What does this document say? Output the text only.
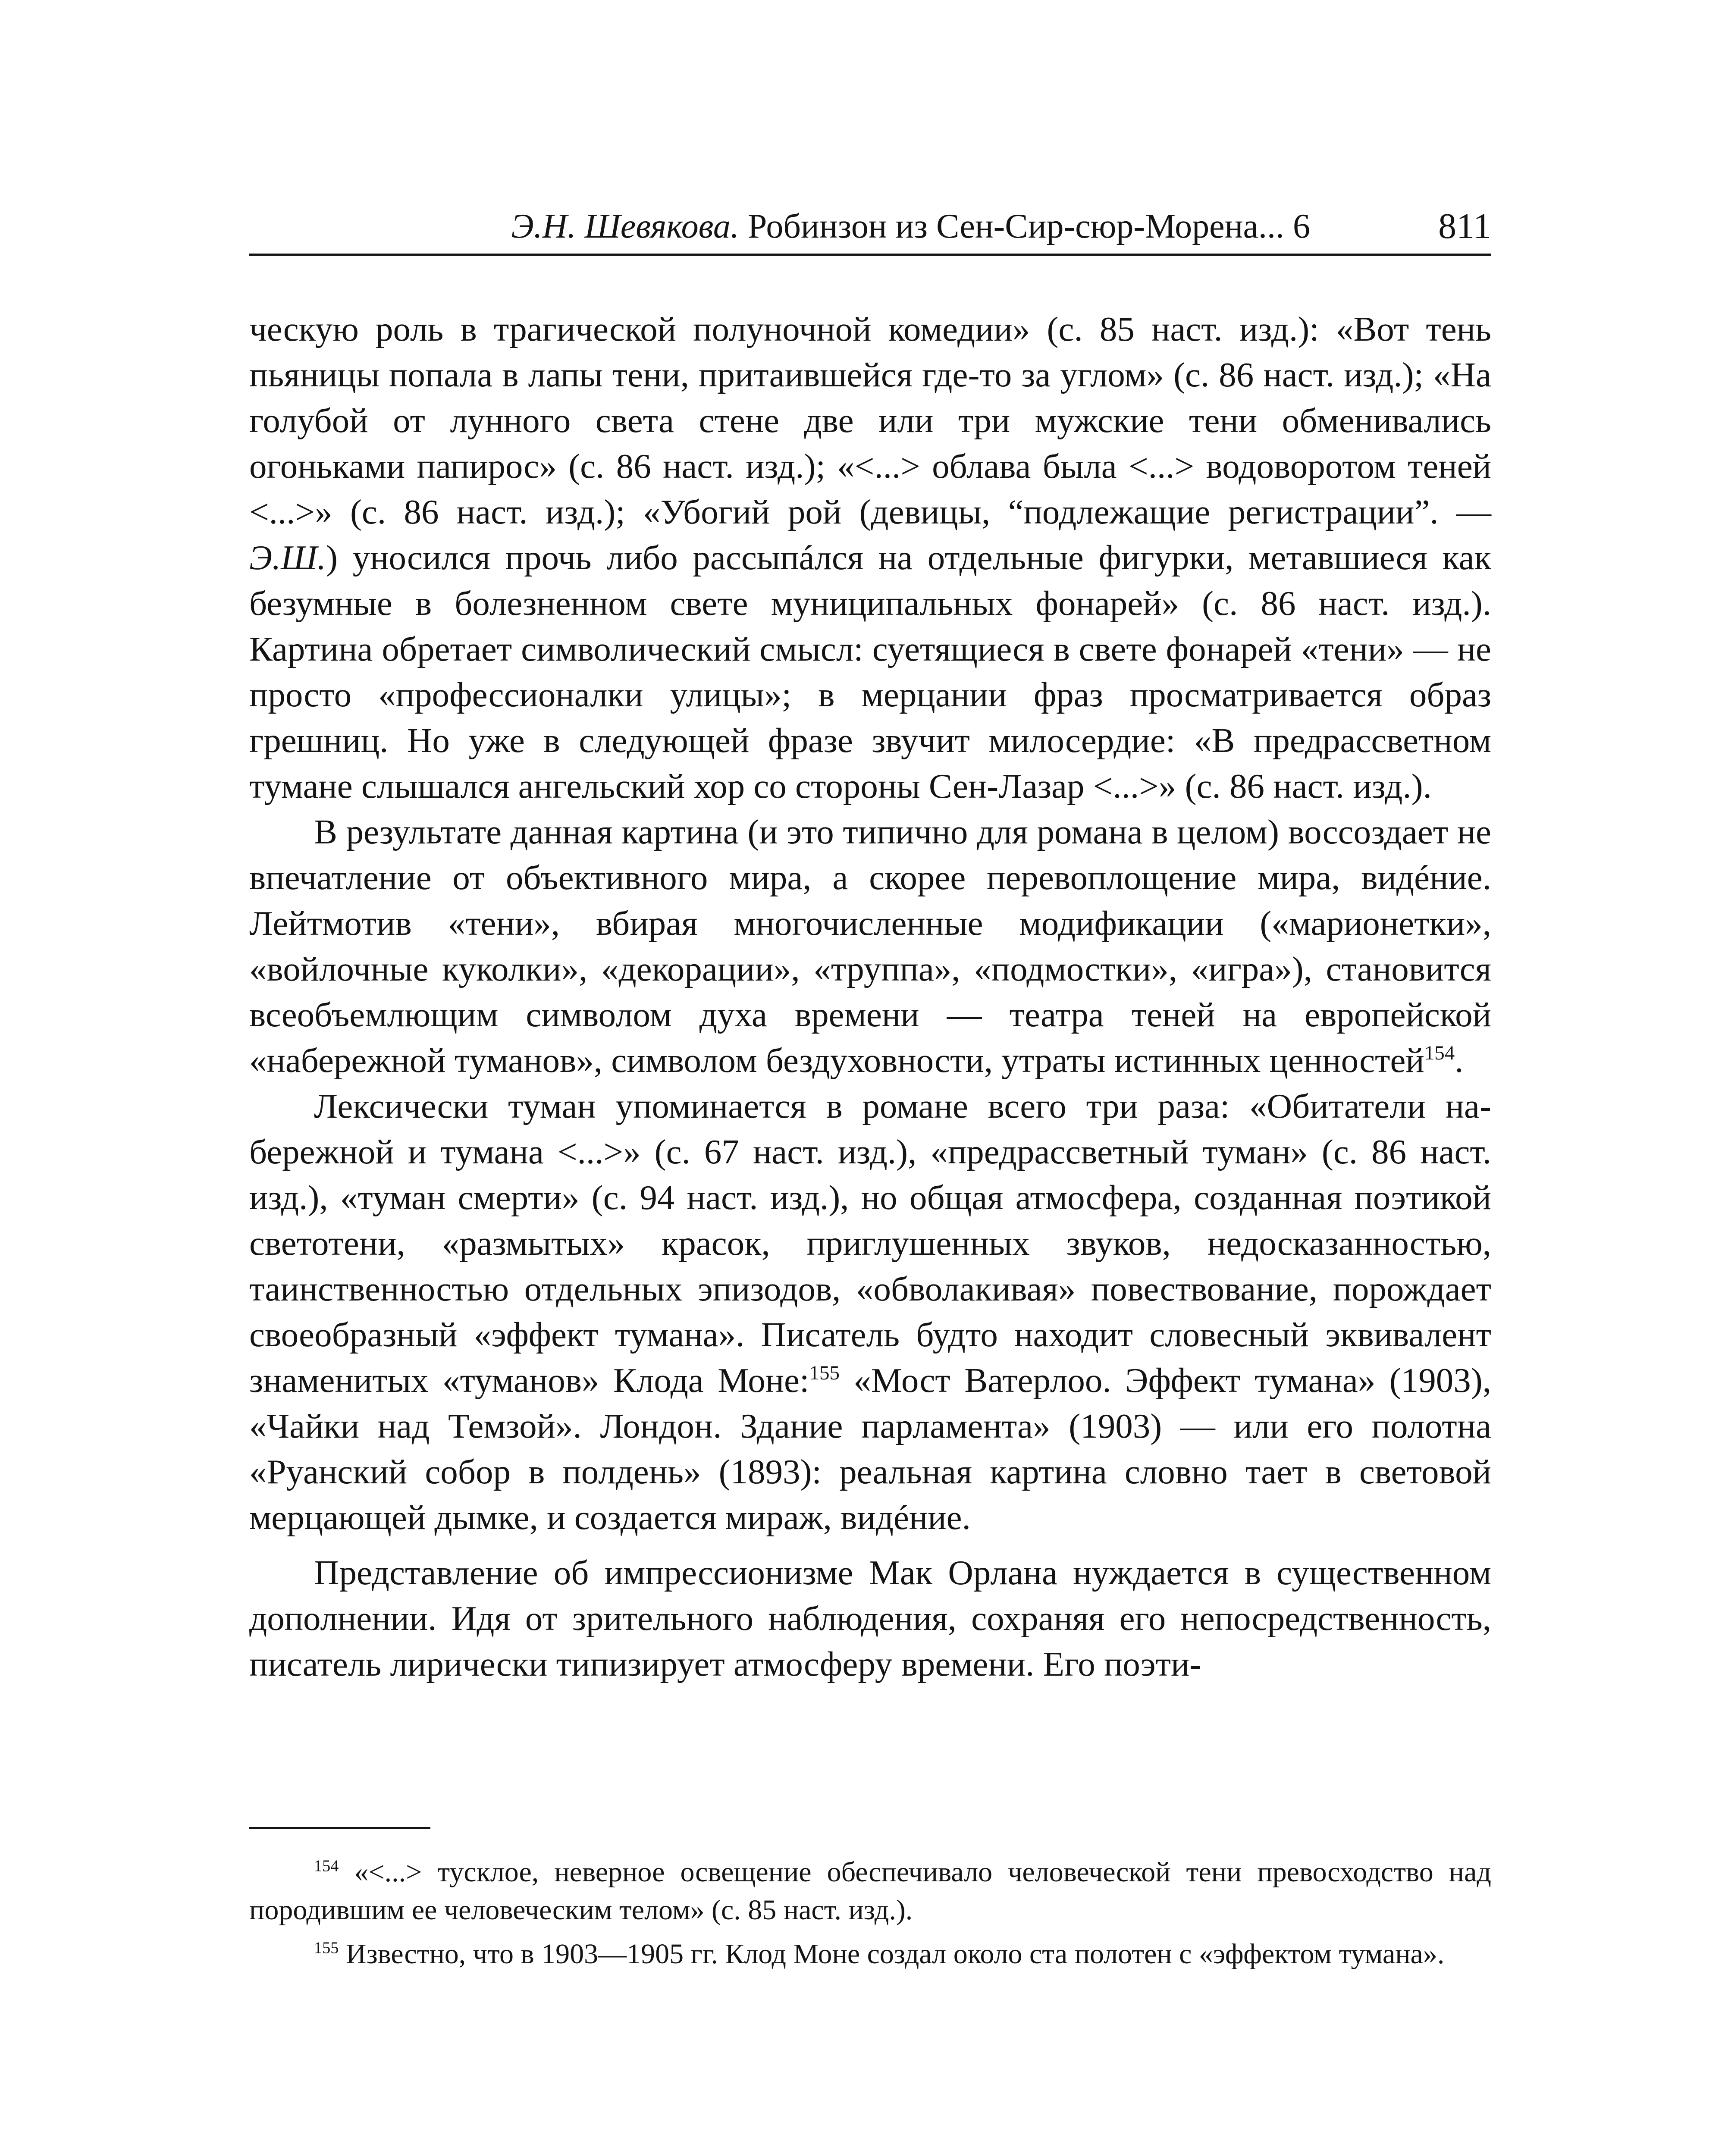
Э.Н. Шевякова. Робинзон из Сен-Сир-сюр-Морена... 6	811

ческую роль в трагической полуночной комедии» (с. 85 наст. изд.): «Вот тень пьяницы попала в лапы тени, притаившейся где-то за углом» (с. 86 наст. изд.); «На голубой от лунного света стене две или три мужские тени обменивались огоньками папирос» (с. 86 наст. изд.); «<...> облава была <...> водоворотом теней <...>» (с. 86 наст. изд.); «Убогий рой (девицы, “подлежащие регистрации”. — Э.Ш.) уносился прочь либо рассыпáлся на отдельные фигурки, метавшиеся как безумные в болезненном свете муниципальных фонарей» (с. 86 наст. изд.). Картина обретает символический смысл: суетящиеся в свете фонарей «тени» — не просто «профессионалки улицы»; в мерцании фраз просматривается образ грешниц. Но уже в следующей фразе звучит милосердие: «В предрассветном тумане слышался ангельский хор со стороны Сен-Лазар <...>» (с. 86 наст. изд.).

В результате данная картина (и это типично для романа в целом) воссоздает не впечатление от объективного мира, а скорее перевоплощение мира, видéние. Лейтмотив «тени», вбирая многочисленные модификации («марионетки», «войлочные куколки», «декорации», «труппа», «подмостки», «игра»), становится всеобъемлющим символом духа времени — театра теней на европейской «набережной туманов», символом бездуховности, утраты истинных ценностей$^{154}$.

Лексически туман упоминается в романе всего три раза: «Обитатели набережной и тумана <...>» (с. 67 наст. изд.), «предрассветный туман» (с. 86 наст. изд.), «туман смерти» (с. 94 наст. изд.), но общая атмосфера, созданная поэтикой светотени, «размытых» красок, приглушенных звуков, недосказанностью, таинственностью отдельных эпизодов, «обволакивая» повествование, порождает своеобразный «эффект тумана». Писатель будто находит словесный эквивалент знаменитых «туманов» Клода Моне:$^{155}$ «Мост Ватерлоо. Эффект тумана» (1903), «Чайки над Темзой». Лондон. Здание парламента» (1903) — или его полотна «Руанский собор в полдень» (1893): реальная картина словно тает в световой мерцающей дымке, и создается мираж, видéние.

Представление об импрессионизме Мак Орлана нуждается в существенном дополнении. Идя от зрительного наблюдения, сохраняя его непосредственность, писатель лирически типизирует атмосферу времени. Его поэти-

$^{154}$ «<...> тусклое, неверное освещение обеспечивало человеческой тени превосходство над породившим ее человеческим телом» (с. 85 наст. изд.).

$^{155}$ Известно, что в 1903—1905 гг. Клод Моне создал около ста полотен с «эффектом тумана».
